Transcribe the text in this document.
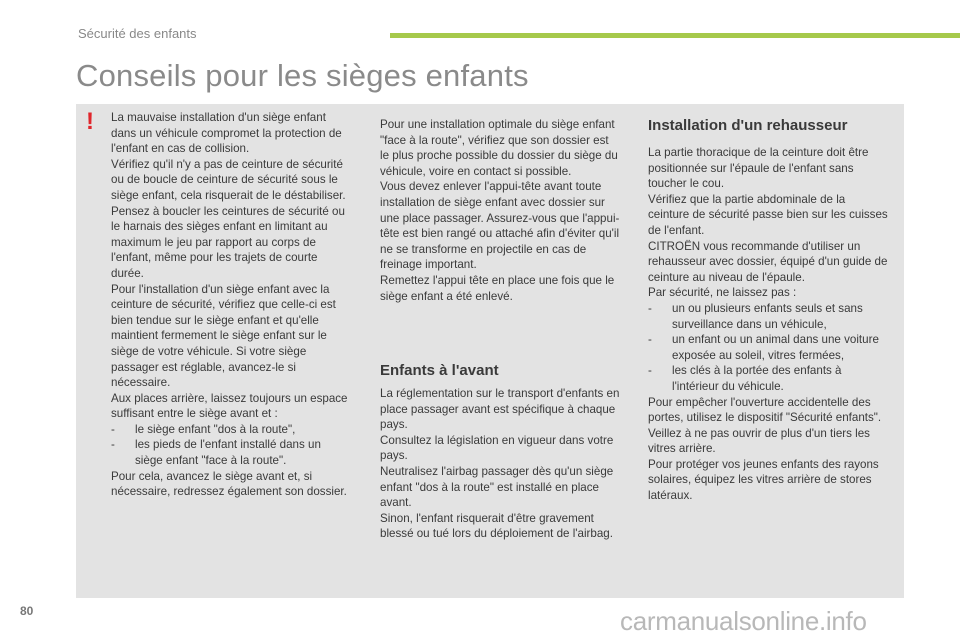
Sécurité des enfants
Conseils pour les sièges enfants
! La mauvaise installation d'un siège enfant dans un véhicule compromet la protection de l'enfant en cas de collision.

Vérifiez qu'il n'y a pas de ceinture de sécurité ou de boucle de ceinture de sécurité sous le siège enfant, cela risquerait de le déstabiliser.

Pensez à boucler les ceintures de sécurité ou le harnais des sièges enfant en limitant au maximum le jeu par rapport au corps de l'enfant, même pour les trajets de courte durée.

Pour l'installation d'un siège enfant avec la ceinture de sécurité, vérifiez que celle-ci est bien tendue sur le siège enfant et qu'elle maintient fermement le siège enfant sur le siège de votre véhicule. Si votre siège passager est réglable, avancez-le si nécessaire.

Aux places arrière, laissez toujours un espace suffisant entre le siège avant et :

- le siège enfant "dos à la route",

- les pieds de l'enfant installé dans un siège enfant "face à la route".

Pour cela, avancez le siège avant et, si nécessaire, redressez également son dossier.

Pour une installation optimale du siège enfant "face à la route", vérifiez que son dossier est le plus proche possible du dossier du siège du véhicule, voire en contact si possible.

Vous devez enlever l'appui-tête avant toute installation de siège enfant avec dossier sur une place passager. Assurez-vous que l'appui-tête est bien rangé ou attaché afin d'éviter qu'il ne se transforme en projectile en cas de freinage important.

Remettez l'appui tête en place une fois que le siège enfant a été enlevé.

Enfants à l'avant

La réglementation sur le transport d'enfants en place passager avant est spécifique à chaque pays.

Consultez la législation en vigueur dans votre pays.

Neutralisez l'airbag passager dès qu'un siège enfant "dos à la route" est installé en place avant.

Sinon, l'enfant risquerait d'être gravement blessé ou tué lors du déploiement de l'airbag.

Installation d'un rehausseur

La partie thoracique de la ceinture doit être positionnée sur l'épaule de l'enfant sans toucher le cou.

Vérifiez que la partie abdominale de la ceinture de sécurité passe bien sur les cuisses de l'enfant.

CITROËN vous recommande d'utiliser un rehausseur avec dossier, équipé d'un guide de ceinture au niveau de l'épaule.

Par sécurité, ne laissez pas :

- un ou plusieurs enfants seuls et sans surveillance dans un véhicule,

- un enfant ou un animal dans une voiture exposée au soleil, vitres fermées,

- les clés à la portée des enfants à l'intérieur du véhicule.

Pour empêcher l'ouverture accidentelle des portes, utilisez le dispositif "Sécurité enfants".

Veillez à ne pas ouvrir de plus d'un tiers les vitres arrière.

Pour protéger vos jeunes enfants des rayons solaires, équipez les vitres arrière de stores latéraux.

80	carmanualsonline.info
